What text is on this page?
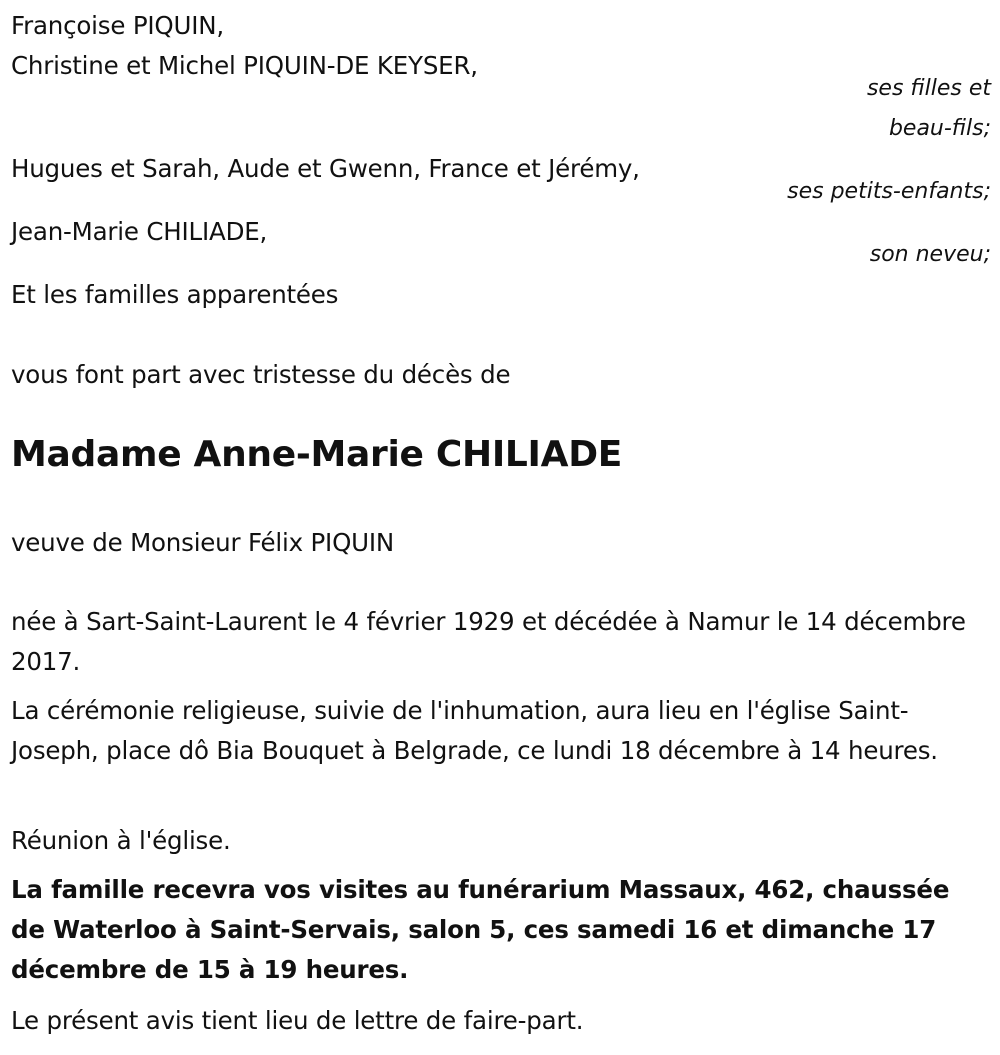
Françoise PIQUIN,
Christine et Michel PIQUIN-DE KEYSER,
ses filles et
beau-fils;
Hugues et Sarah, Aude et Gwenn, France et Jérémy,
ses petits-enfants;
Jean-Marie CHILIADE,
son neveu;
Et les familles apparentées
vous font part avec tristesse du décès de
Madame Anne-Marie CHILIADE
veuve de Monsieur Félix PIQUIN
née à Sart-Saint-Laurent le 4 février 1929 et décédée à Namur le 14 décembre 2017.
La cérémonie religieuse, suivie de l'inhumation, aura lieu en l'église Saint-Joseph, place dô Bia Bouquet à Belgrade, ce lundi 18 décembre à 14 heures.
Réunion à l'église.
La famille recevra vos visites au funérarium Massaux, 462, chaussée de Waterloo à Saint-Servais, salon 5, ces samedi 16 et dimanche 17 décembre de 15 à 19 heures.
Le présent avis tient lieu de lettre de faire-part.
